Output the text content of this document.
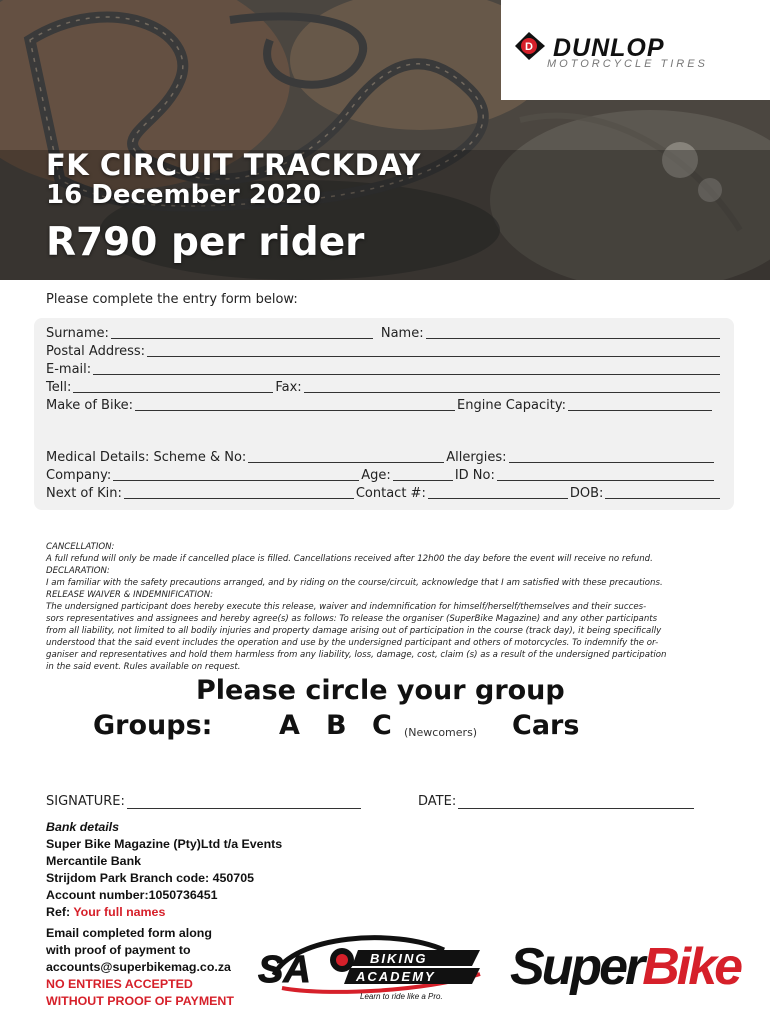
D DUNLOP
MOTORCYCLE TIRES
FK CIRCUIT TRACKDAY
16 December 2020
R790 per rider
Please complete the entry form below:
Surname:	Name:
Postal Address:
E-mail:
Tell:	Fax:
Make of Bike:	Engine Capacity:
Medical Details: Scheme & No:	Allergies:
Company:	Age:	ID No:
Next of Kin:	Contact #:	DOB:

CANCELLATION:

A full refund will only be made if cancelled place is filled. Cancellations received after 12h00 the day before the event will receive no refund.

DECLARATION:

I am familiar with the safety precautions arranged, and by riding on the course/circuit, acknowledge that I am satisfied with these precautions.

RELEASE WAIVER & INDEMNIFICATION:

The undersigned participant does hereby execute this release, waiver and indemnification for himself/herself/themselves and their succes-

sors representatives and assignees and hereby agree(s) as follows: To release the organiser (SuperBike Magazine) and any other participants

from all liability, not limited to all bodily injuries and property damage arising out of participation in the course (track day), it being specifically

understood that the said event includes the operation and use by the undersigned participant and others of motorcycles. To indemnify the or-

ganiser and representatives and hold them harmless from any liability, loss, damage, cost, claim (s) as a result of the undersigned participation

in the said event. Rules available on request.

Please circle your group
Groups: A B C (Newcomers) Cars
SIGNATURE:	DATE:
Bank details
Super Bike Magazine (Pty)Ltd t/a Events
Mercantile Bank
Strijdom Park Branch code: 450705
Account number:1050736451
Ref: Your full names
Email completed form along
with proof of payment to
accounts@superbikemag.co.za
NO ENTRIES ACCEPTED
WITHOUT PROOF OF PAYMENT
SA	BIKING
ACADEMY
Learn to ride like a Pro.
SuperBike
